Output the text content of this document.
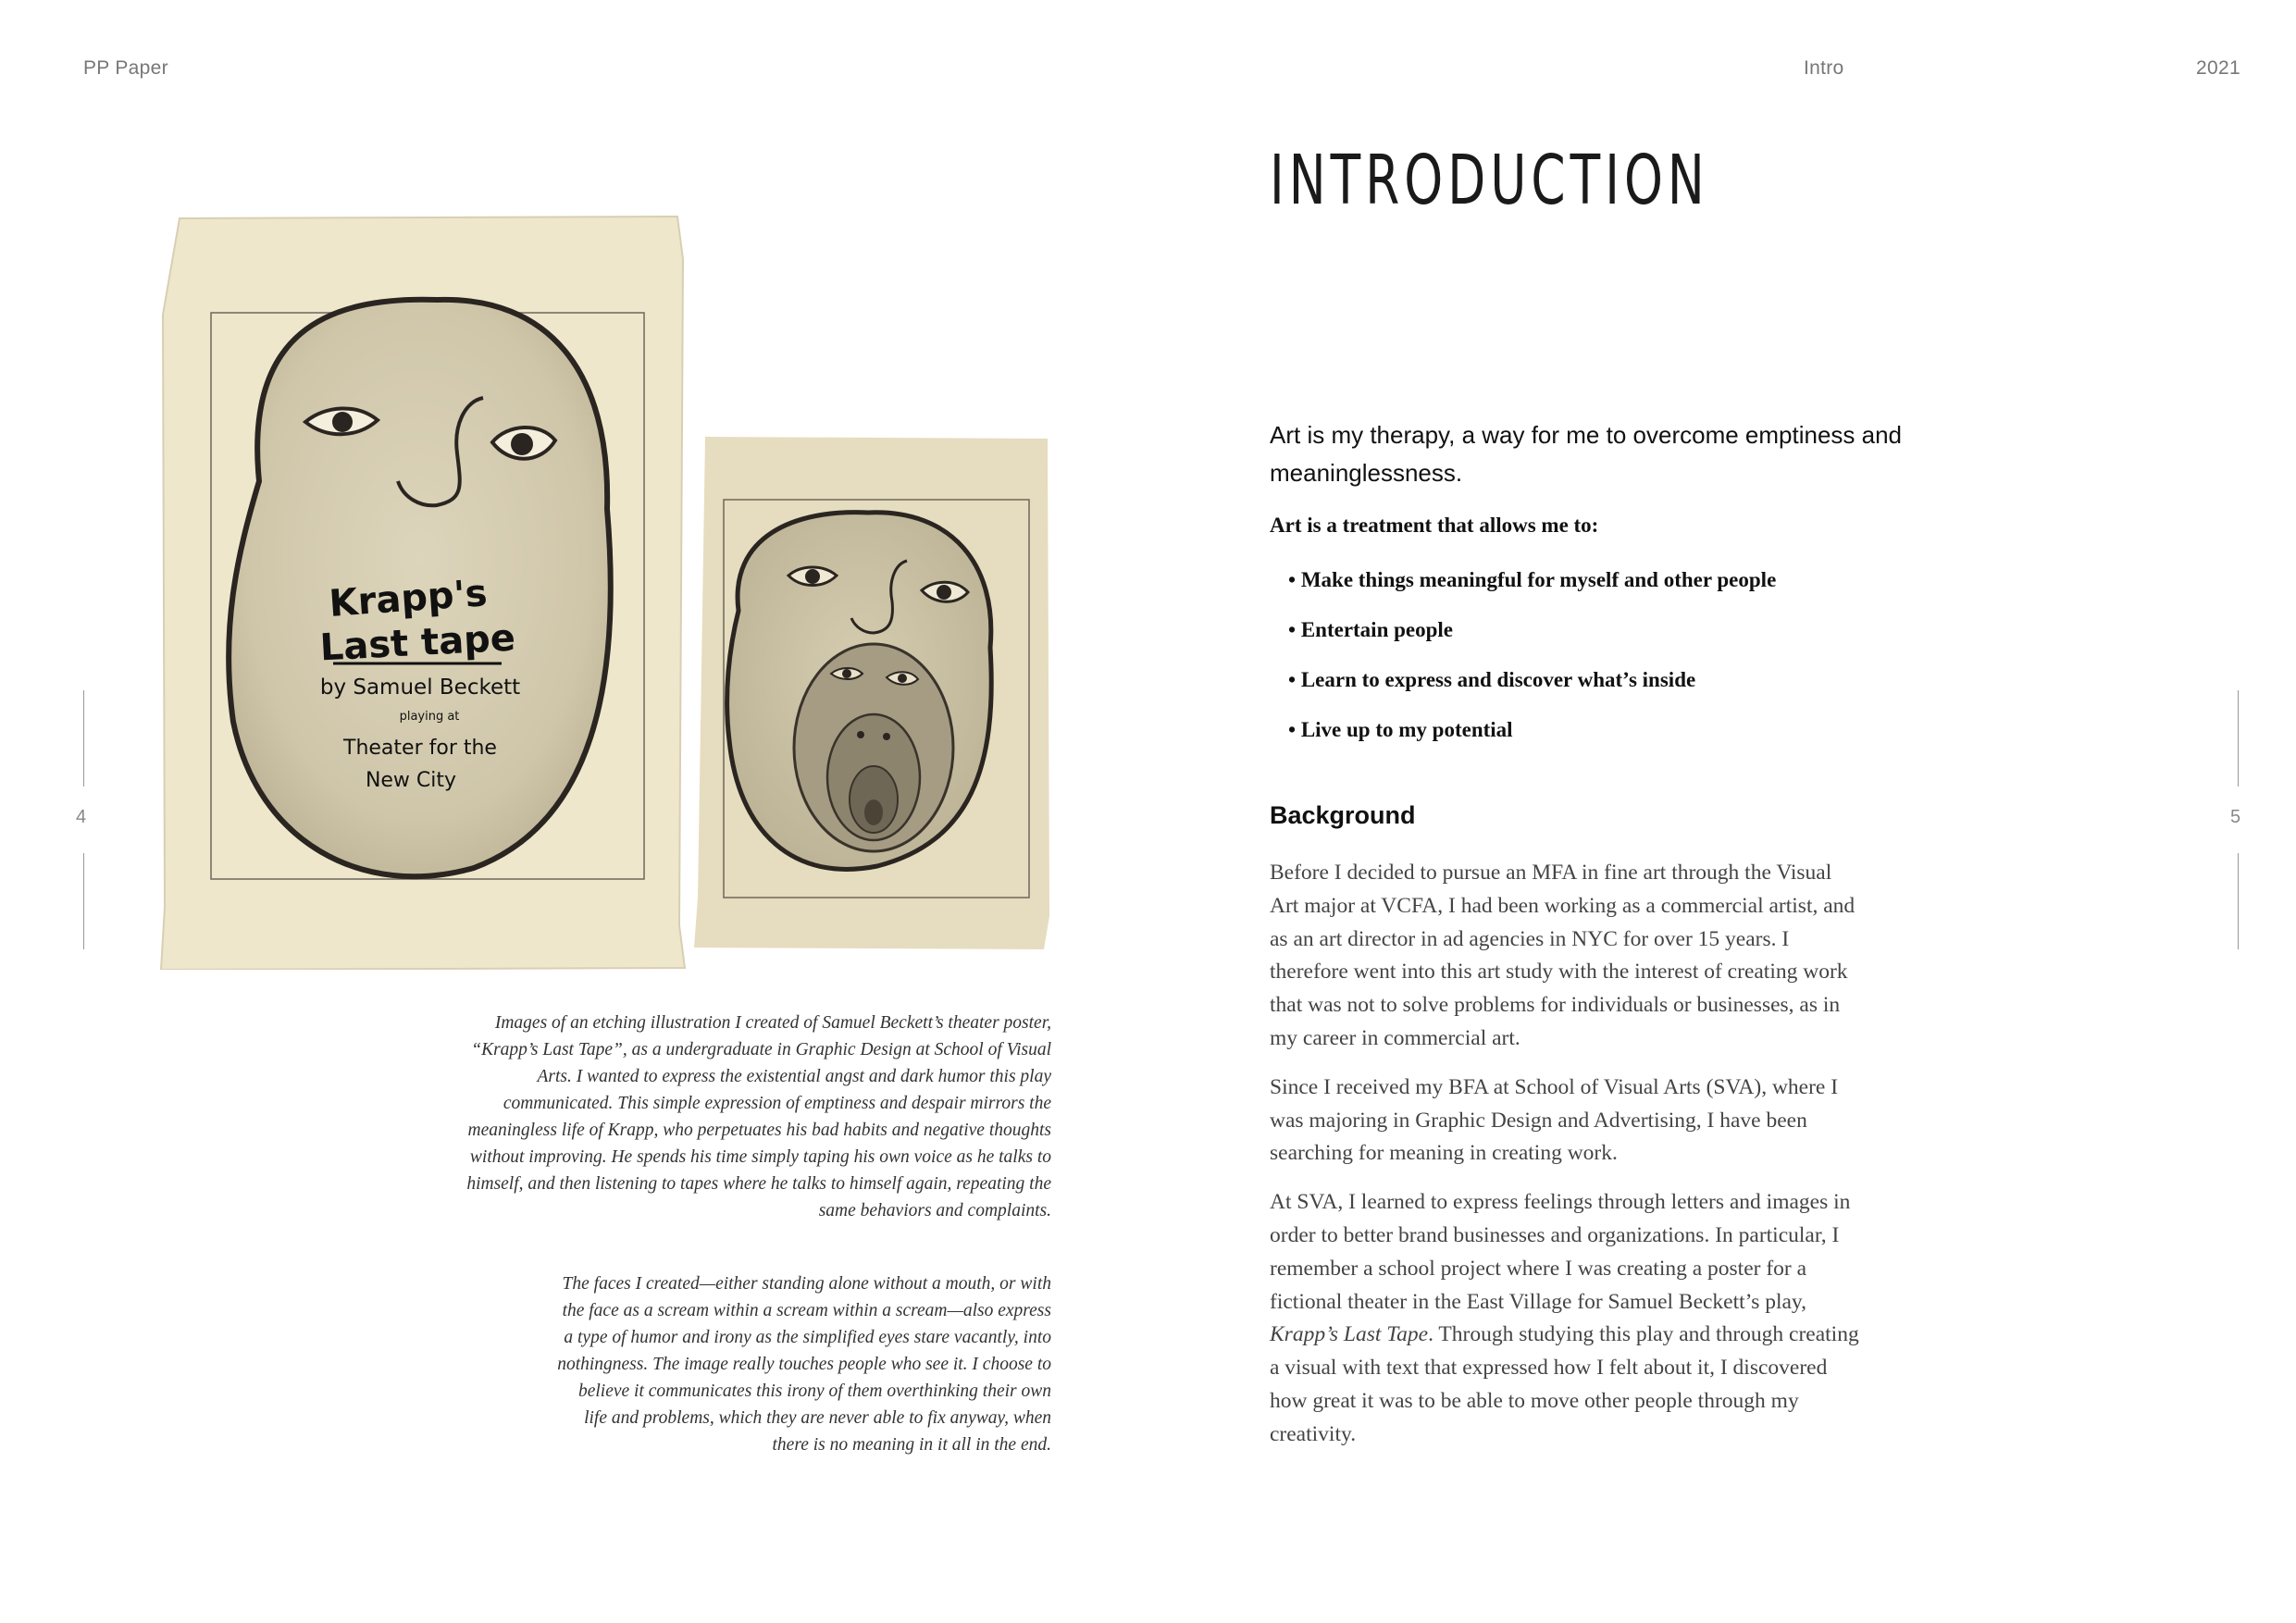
PP Paper	Intro	2021
4	5
Krapp's
Last tape
by Samuel Beckett
playing at
Theater for the
New City

Images of an etching illustration I created of Samuel Beckett’s theater poster, “Krapp’s Last Tape”, as a undergraduate in Graphic Design at School of Visual Arts. I wanted to express the existential angst and dark humor this play communicated. This simple expression of emptiness and despair mirrors the meaningless life of Krapp, who perpetuates his bad habits and negative thoughts without improving. He spends his time simply taping his own voice as he talks to himself, and then listening to tapes where he talks to himself again, repeating the same behaviors and complaints.

The faces I created—either standing alone without a mouth, or with the face as a scream within a scream within a scream—also express a type of humor and irony as the simplified eyes stare vacantly, into nothingness. The image really touches people who see it. I choose to believe it communicates this irony of them overthinking their own life and problems, which they are never able to fix anyway, when there is no meaning in it all in the end.

INTRODUCTION

Art is my therapy, a way for me to overcome emptiness and meaninglessness.

Art is a treatment that allows me to:

• Make things meaningful for myself and other people
• Entertain people
• Learn to express and discover what’s inside
• Live up to my potential
Background

Before I decided to pursue an MFA in fine art through the Visual Art major at VCFA, I had been working as a commercial artist, and as an art director in ad agencies in NYC for over 15 years. I therefore went into this art study with the interest of creating work that was not to solve problems for individuals or businesses, as in my career in commercial art.

Since I received my BFA at School of Visual Arts (SVA), where I was majoring in Graphic Design and Advertising, I have been searching for meaning in creating work.

At SVA, I learned to express feelings through letters and images in order to better brand businesses and organizations. In particular, I remember a school project where I was creating a poster for a fictional theater in the East Village for Samuel Beckett’s play, Krapp’s Last Tape. Through studying this play and through creating a visual with text that expressed how I felt about it, I discovered how great it was to be able to move other people through my creativity.
